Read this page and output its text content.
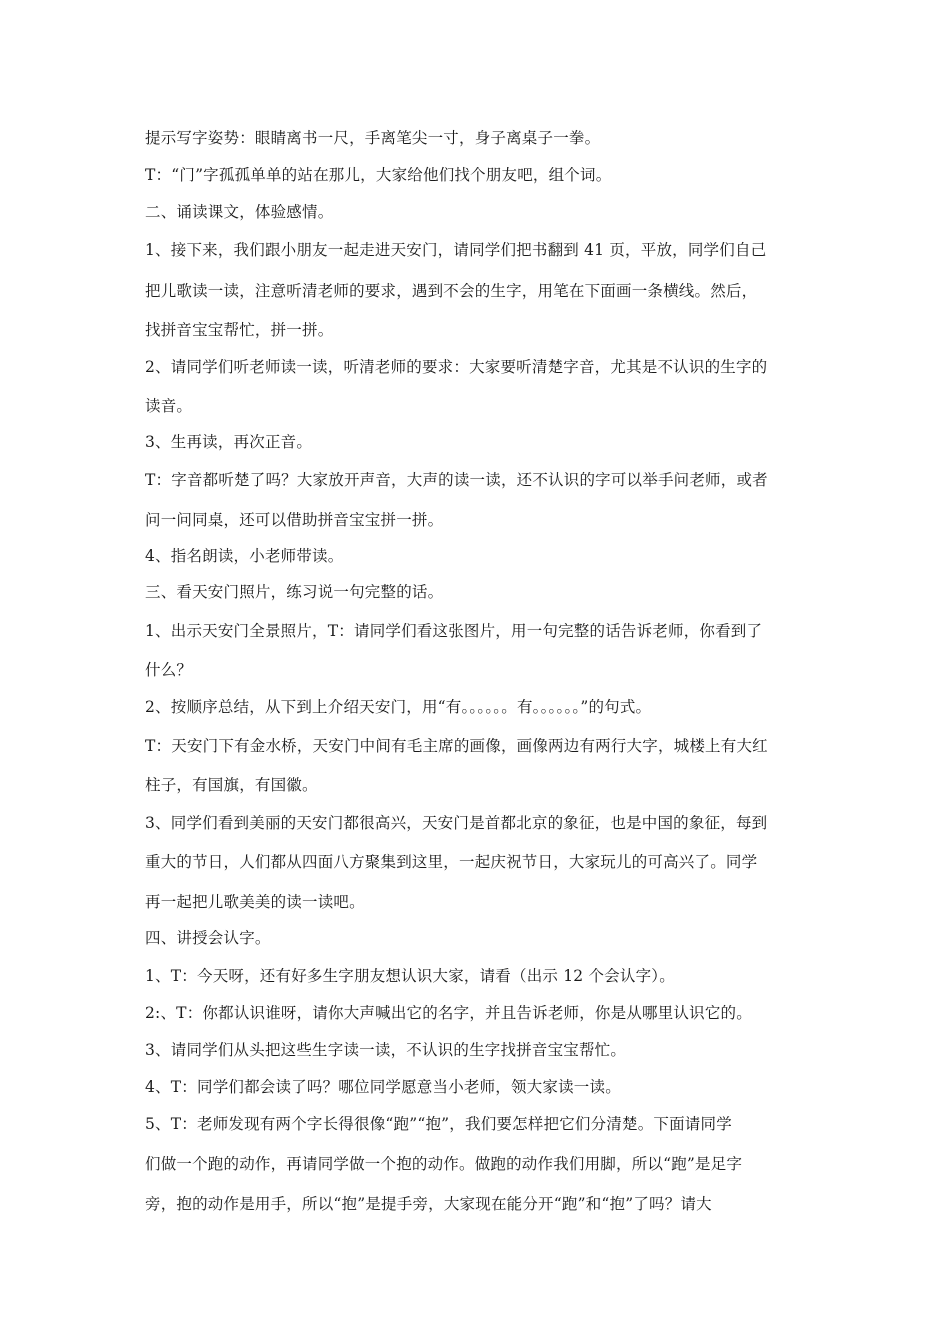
提示写字姿势：眼睛离书一尺，手离笔尖一寸，身子离桌子一拳。
T：“门”字孤孤单单的站在那儿，大家给他们找个朋友吧，组个词。
二、诵读课文，体验感情。
1、接下来，我们跟小朋友一起走进天安门，请同学们把书翻到 41 页，平放，同学们自己
把儿歌读一读，注意听清老师的要求，遇到不会的生字，用笔在下面画一条横线。然后，
找拼音宝宝帮忙，拼一拼。
2、请同学们听老师读一读，听清老师的要求：大家要听清楚字音，尤其是不认识的生字的
读音。
3、生再读，再次正音。
T：字音都听楚了吗？大家放开声音，大声的读一读，还不认识的字可以举手问老师，或者
问一问同桌，还可以借助拼音宝宝拼一拼。
4、指名朗读，小老师带读。
三、看天安门照片，练习说一句完整的话。
1、出示天安门全景照片，T：请同学们看这张图片，用一句完整的话告诉老师，你看到了
什么？
2、按顺序总结，从下到上介绍天安门，用“有。。。。。。有。。。。。。”的句式。
T：天安门下有金水桥，天安门中间有毛主席的画像，画像两边有两行大字，城楼上有大红
柱子，有国旗，有国徽。
3、同学们看到美丽的天安门都很高兴，天安门是首都北京的象征，也是中国的象征，每到
重大的节日，人们都从四面八方聚集到这里，一起庆祝节日，大家玩儿的可高兴了。同学
再一起把儿歌美美的读一读吧。
四、讲授会认字。
1、T：今天呀，还有好多生字朋友想认识大家，请看（出示 12 个会认字）。
2:、T：你都认识谁呀，请你大声喊出它的名字，并且告诉老师，你是从哪里认识它的。
3、请同学们从头把这些生字读一读，不认识的生字找拼音宝宝帮忙。
4、T：同学们都会读了吗？哪位同学愿意当小老师，领大家读一读。
5、T：老师发现有两个字长得很像“跑”“抱”，我们要怎样把它们分清楚。下面请同学
们做一个跑的动作，再请同学做一个抱的动作。做跑的动作我们用脚，所以“跑”是足字
旁，抱的动作是用手，所以“抱”是提手旁，大家现在能分开“跑”和“抱”了吗？请大
